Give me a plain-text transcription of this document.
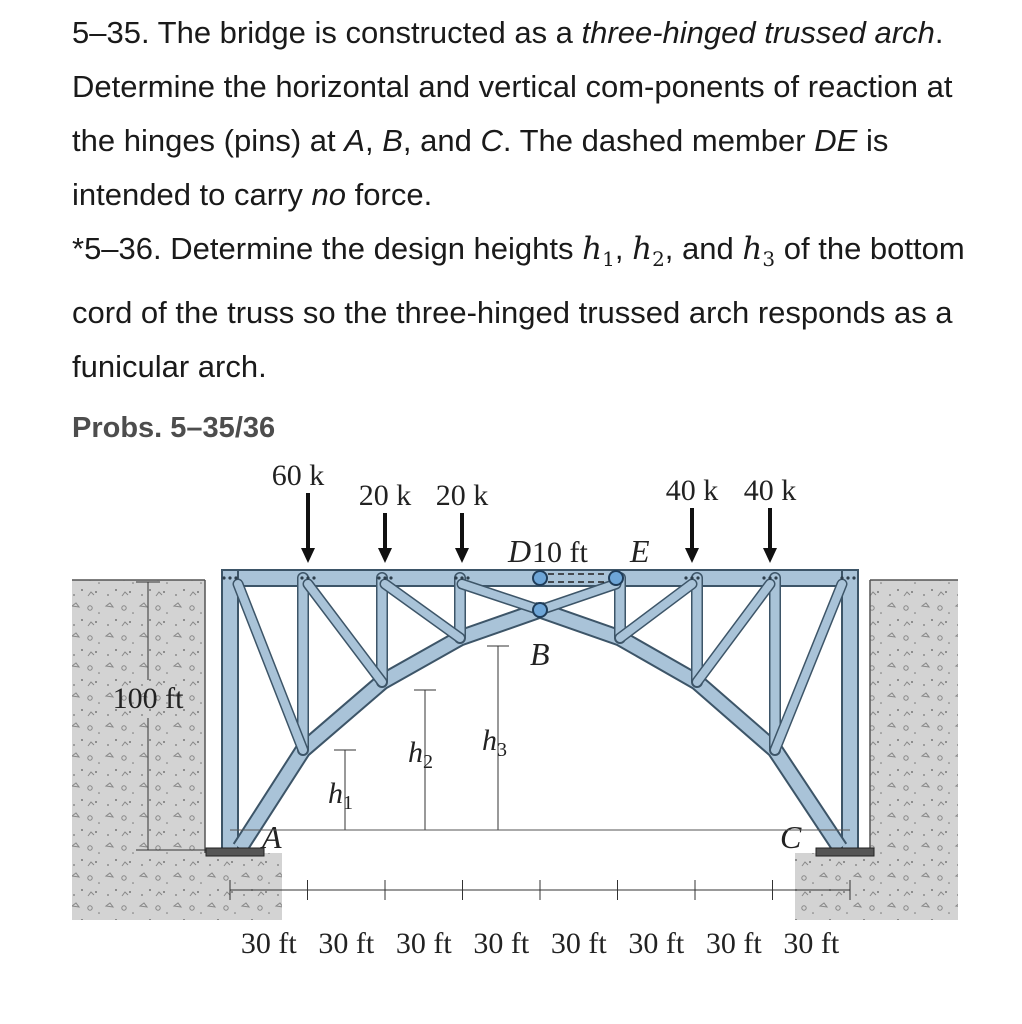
5–35. The bridge is constructed as a three-hinged trussed arch. Determine the horizontal and vertical com-ponents of reaction at the hinges (pins) at A, B, and C. The dashed member DE is intended to carry no force.

*5–36. Determine the design heights $h_1$, $h_2$, and $h_3$ of the bottom cord of the truss so the three-hinged trussed arch responds as a funicular arch.

Probs. 5–35/36
100 ft
D 10 ft E
B
A	C
60 k
20 k 20 k	40 k 40 k
$h_1$
$h_2$
$h_3$
30 ft 30 ft 30 ft 30 ft 30 ft 30 ft 30 ft 30 ft
